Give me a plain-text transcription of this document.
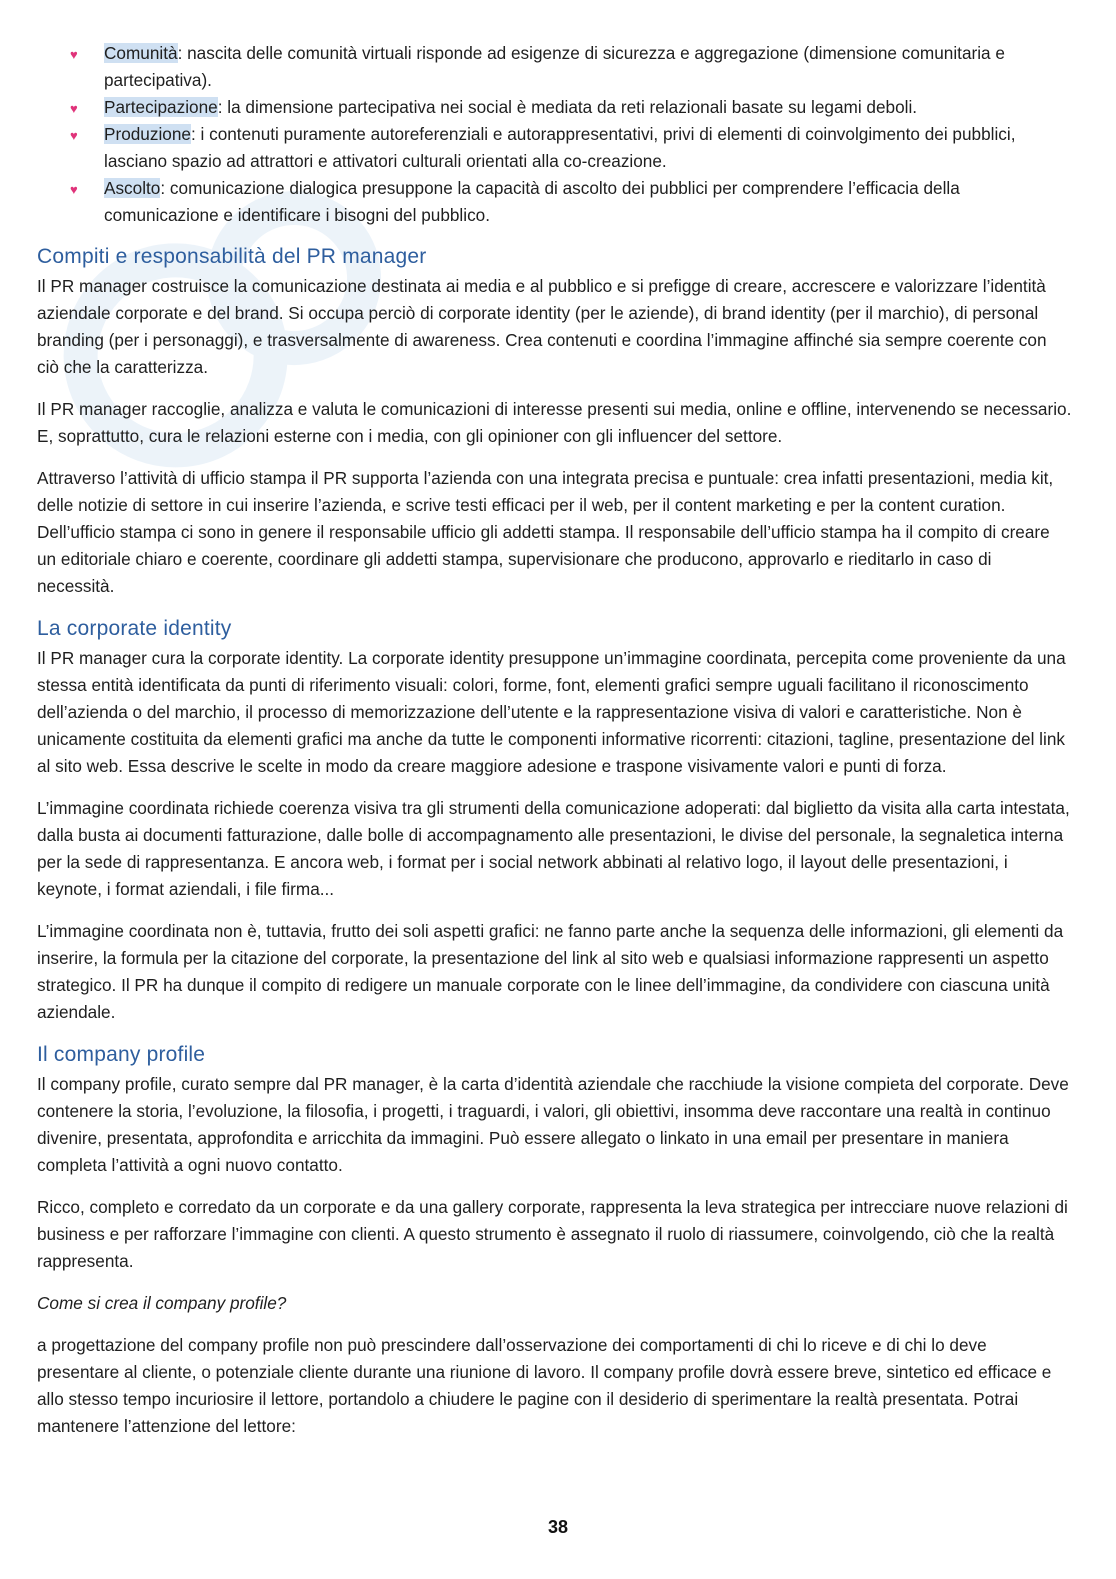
♥ Comunità: nascita delle comunità virtuali risponde ad esigenze di sicurezza e aggregazione (dimensione comunitaria e partecipativa).
♥ Partecipazione: la dimensione partecipativa nei social è mediata da reti relazionali basate su legami deboli.
♥ Produzione: i contenuti puramente autoreferenziali e autorappresentativi, privi di elementi di coinvolgimento dei pubblici, lasciano spazio ad attrattori e attivatori culturali orientati alla co-creazione.
♥ Ascolto: comunicazione dialogica presuppone la capacità di ascolto dei pubblici per comprendere l’efficacia della comunicazione e identificare i bisogni del pubblico.
Compiti e responsabilità del PR manager

Il PR manager costruisce la comunicazione destinata ai media e al pubblico e si prefigge di creare, accrescere e valorizzare l’identità aziendale corporate e del brand. Si occupa perciò di corporate identity (per le aziende), di brand identity (per il marchio), di personal branding (per i personaggi), e trasversalmente di awareness. Crea contenuti e coordina l’immagine affinché sia sempre coerente con ciò che la caratterizza.

Il PR manager raccoglie, analizza e valuta le comunicazioni di interesse presenti sui media, online e offline, intervenendo se necessario. E, soprattutto, cura le relazioni esterne con i media, con gli opinioner con gli influencer del settore.

Attraverso l’attività di ufficio stampa il PR supporta l’azienda con una integrata precisa e puntuale: crea infatti presentazioni, media kit, delle notizie di settore in cui inserire l’azienda, e scrive testi efficaci per il web, per il content marketing e per la content curation. Dell’ufficio stampa ci sono in genere il responsabile ufficio gli addetti stampa. Il responsabile dell’ufficio stampa ha il compito di creare un editoriale chiaro e coerente, coordinare gli addetti stampa, supervisionare che producono, approvarlo e rieditarlo in caso di necessità.

La corporate identity

Il PR manager cura la corporate identity. La corporate identity presuppone un’immagine coordinata, percepita come proveniente da una stessa entità identificata da punti di riferimento visuali: colori, forme, font, elementi grafici sempre uguali facilitano il riconoscimento dell’azienda o del marchio, il processo di memorizzazione dell’utente e la rappresentazione visiva di valori e caratteristiche. Non è unicamente costituita da elementi grafici ma anche da tutte le componenti informative ricorrenti: citazioni, tagline, presentazione del link al sito web. Essa descrive le scelte in modo da creare maggiore adesione e traspone visivamente valori e punti di forza.

L’immagine coordinata richiede coerenza visiva tra gli strumenti della comunicazione adoperati: dal biglietto da visita alla carta intestata, dalla busta ai documenti fatturazione, dalle bolle di accompagnamento alle presentazioni, le divise del personale, la segnaletica interna per la sede di rappresentanza. E ancora web, i format per i social network abbinati al relativo logo, il layout delle presentazioni, i keynote, i format aziendali, i file firma...

L’immagine coordinata non è, tuttavia, frutto dei soli aspetti grafici: ne fanno parte anche la sequenza delle informazioni, gli elementi da inserire, la formula per la citazione del corporate, la presentazione del link al sito web e qualsiasi informazione rappresenti un aspetto strategico. Il PR ha dunque il compito di redigere un manuale corporate con le linee dell’immagine, da condividere con ciascuna unità aziendale.

Il company profile

Il company profile, curato sempre dal PR manager, è la carta d’identità aziendale che racchiude la visione compieta del corporate. Deve contenere la storia, l’evoluzione, la filosofia, i progetti, i traguardi, i valori, gli obiettivi, insomma deve raccontare una realtà in continuo divenire, presentata, approfondita e arricchita da immagini. Può essere allegato o linkato in una email per presentare in maniera completa l’attività a ogni nuovo contatto.

Ricco, completo e corredato da un corporate e da una gallery corporate, rappresenta la leva strategica per intrecciare nuove relazioni di business e per rafforzare l’immagine con clienti. A questo strumento è assegnato il ruolo di riassumere, coinvolgendo, ciò che la realtà rappresenta.

Come si crea il company profile?

a progettazione del company profile non può prescindere dall’osservazione dei comportamenti di chi lo riceve e di chi lo deve presentare al cliente, o potenziale cliente durante una riunione di lavoro. Il company profile dovrà essere breve, sintetico ed efficace e allo stesso tempo incuriosire il lettore, portandolo a chiudere le pagine con il desiderio di sperimentare la realtà presentata. Potrai mantenere l’attenzione del lettore:

38
